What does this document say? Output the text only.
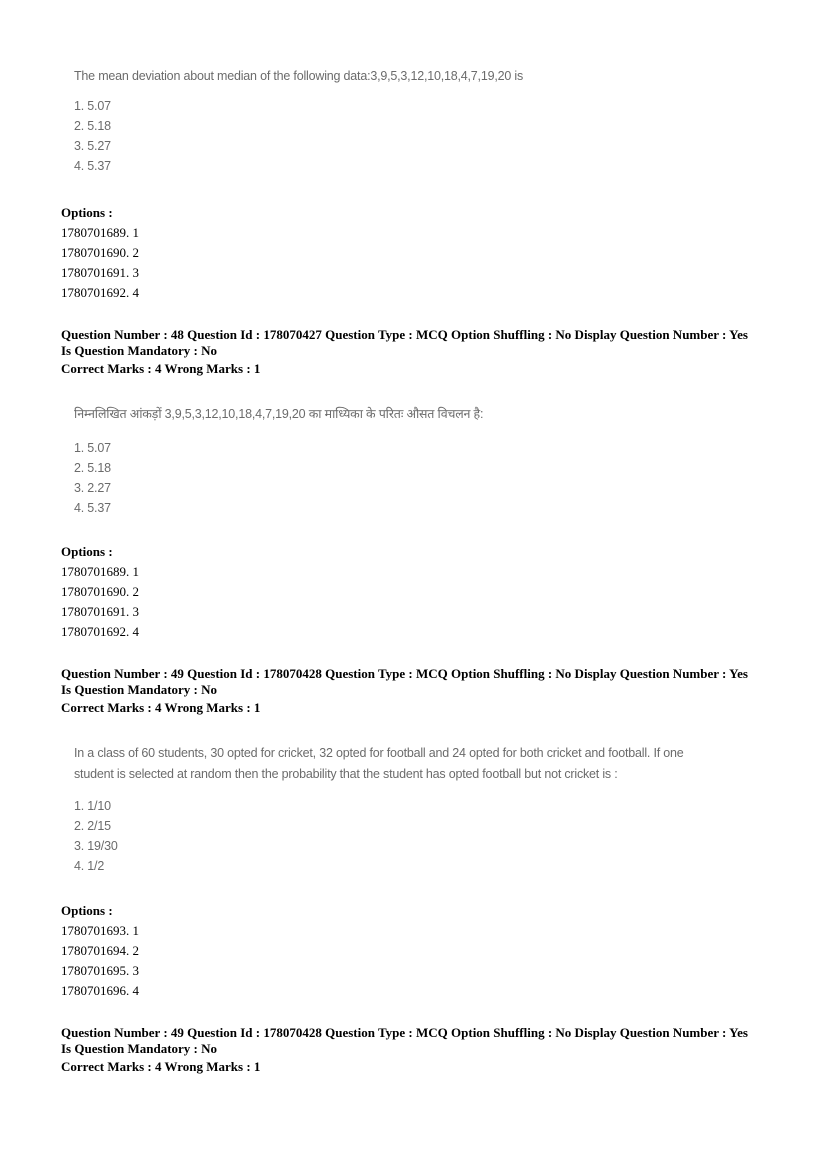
The mean deviation about median of the following data:3,9,5,3,12,10,18,4,7,19,20 is
1. 5.07
2. 5.18
3. 5.27
4. 5.37
Options :
1780701689. 1
1780701690. 2
1780701691. 3
1780701692. 4
Question Number : 48 Question Id : 178070427 Question Type : MCQ Option Shuffling : No Display Question Number : Yes
Is Question Mandatory : No
Correct Marks : 4 Wrong Marks : 1
निम्नलिखित आंकड़ों 3,9,5,3,12,10,18,4,7,19,20 का माध्यिका के परितः औसत विचलन है:
1. 5.07
2. 5.18
3. 2.27
4. 5.37
Options :
1780701689. 1
1780701690. 2
1780701691. 3
1780701692. 4
Question Number : 49 Question Id : 178070428 Question Type : MCQ Option Shuffling : No Display Question Number : Yes
Is Question Mandatory : No
Correct Marks : 4 Wrong Marks : 1
In a class of 60 students, 30 opted for cricket, 32 opted for football and 24 opted for both cricket and football. If one
student is selected at random then the probability that the student has opted football but not cricket is :
1. 1/10
2. 2/15
3. 19/30
4. 1/2
Options :
1780701693. 1
1780701694. 2
1780701695. 3
1780701696. 4
Question Number : 49 Question Id : 178070428 Question Type : MCQ Option Shuffling : No Display Question Number : Yes
Is Question Mandatory : No
Correct Marks : 4 Wrong Marks : 1
